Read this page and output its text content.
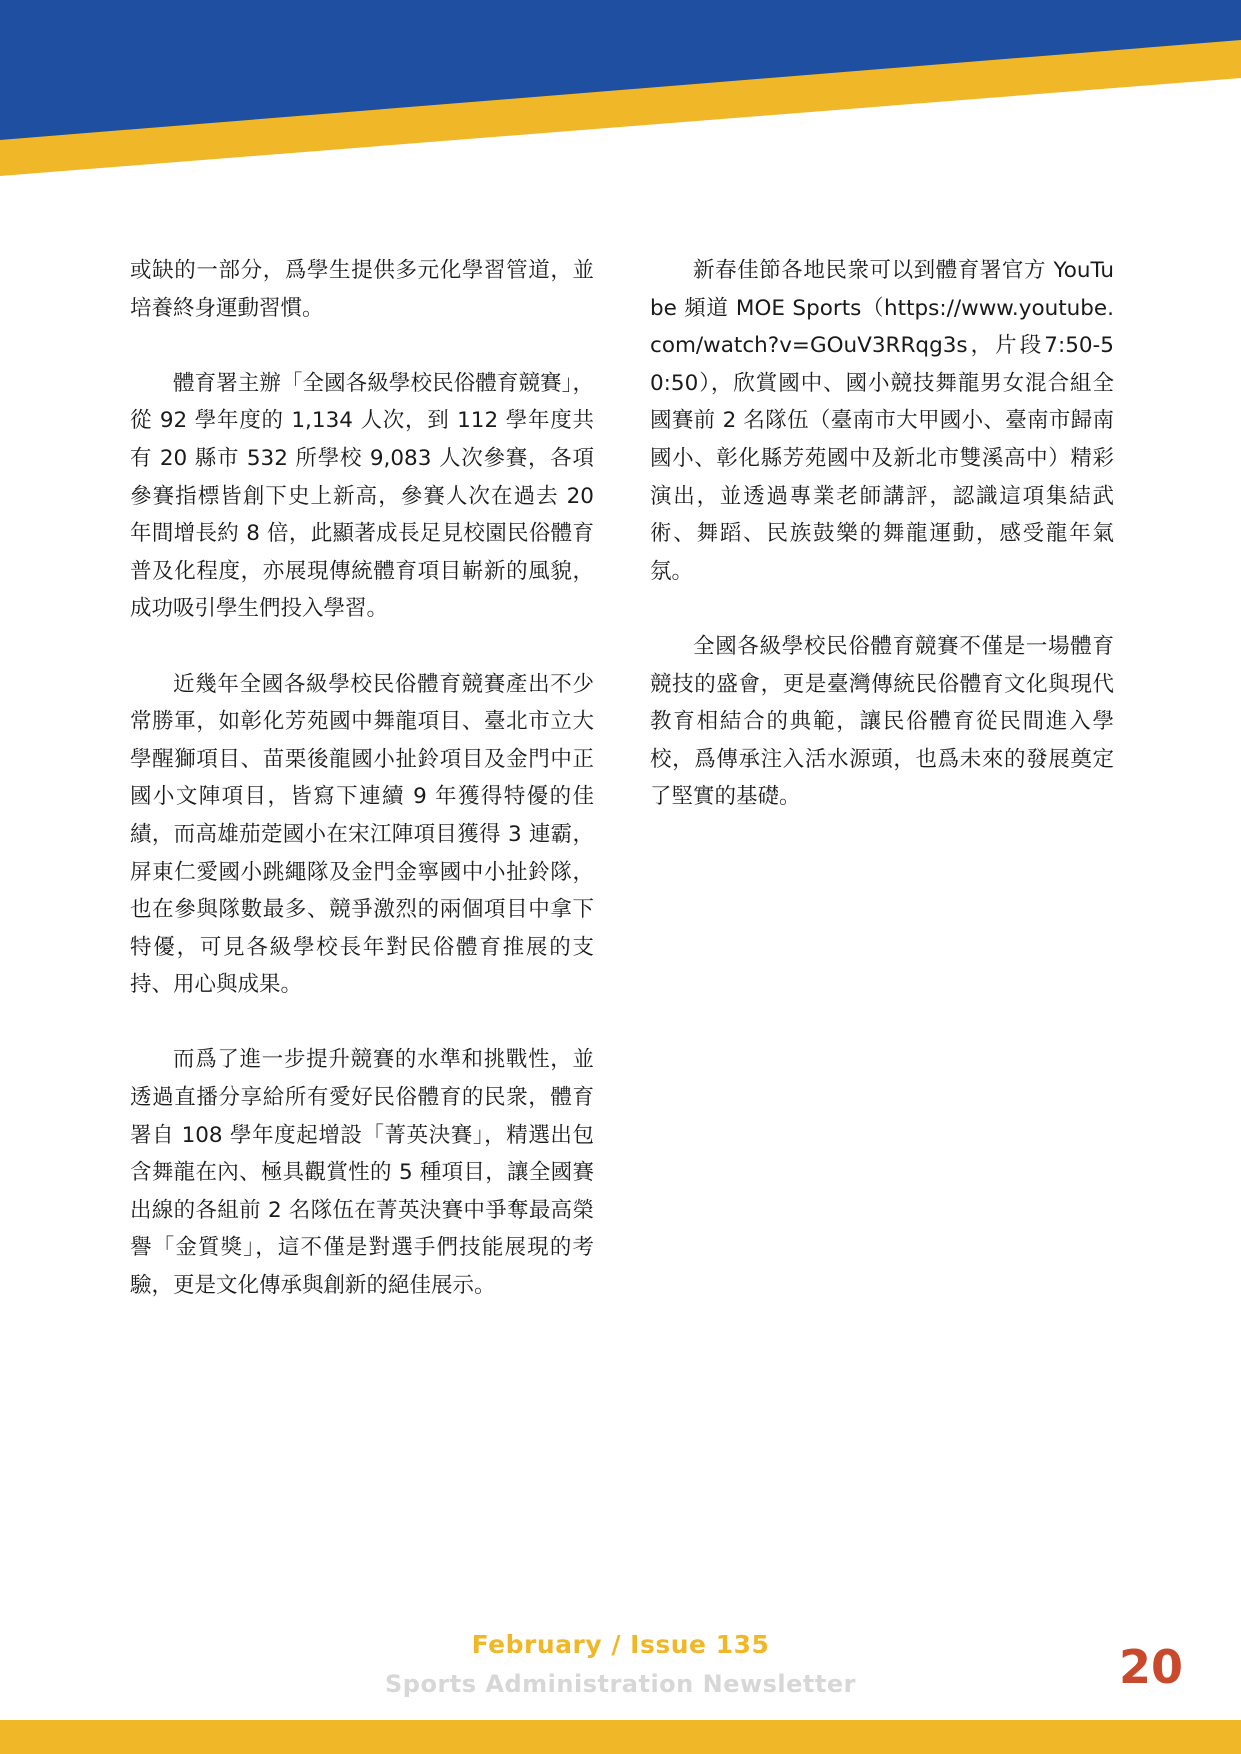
或缺的一部分，爲學生提供多元化學習管道，並培養終身運動習慣。

體育署主辦「全國各級學校民俗體育競賽」，從 92 學年度的 1,134 人次，到 112 學年度共有 20 縣市 532 所學校 9,083 人次參賽，各項參賽指標皆創下史上新高，參賽人次在過去 20 年間增長約 8 倍，此顯著成長足見校園民俗體育普及化程度，亦展現傳統體育項目嶄新的風貌，成功吸引學生們投入學習。

近幾年全國各級學校民俗體育競賽產出不少常勝軍，如彰化芳苑國中舞龍項目、臺北市立大學醒獅項目、苗栗後龍國小扯鈴項目及金門中正國小文陣項目，皆寫下連續 9 年獲得特優的佳績，而高雄茄萣國小在宋江陣項目獲得 3 連霸，屏東仁愛國小跳繩隊及金門金寧國中小扯鈴隊，也在參與隊數最多、競爭激烈的兩個項目中拿下特優，可見各級學校長年對民俗體育推展的支持、用心與成果。

而爲了進一步提升競賽的水準和挑戰性，並透過直播分享給所有愛好民俗體育的民衆，體育署自 108 學年度起增設「菁英決賽」，精選出包含舞龍在內、極具觀賞性的 5 種項目，讓全國賽出線的各組前 2 名隊伍在菁英決賽中爭奪最高榮譽「金質獎」，這不僅是對選手們技能展現的考驗，更是文化傳承與創新的絕佳展示。

新春佳節各地民衆可以到體育署官方 YouTube 頻道 MOE Sports（https://www.youtube.com/watch?v=GOuV3RRqg3s，片段7:50-50:50），欣賞國中、國小競技舞龍男女混合組全國賽前 2 名隊伍（臺南市大甲國小、臺南市歸南國小、彰化縣芳苑國中及新北市雙溪高中）精彩演出，並透過專業老師講評，認識這項集結武術、舞蹈、民族鼓樂的舞龍運動，感受龍年氣氛。

全國各級學校民俗體育競賽不僅是一場體育競技的盛會，更是臺灣傳統民俗體育文化與現代教育相結合的典範，讓民俗體育從民間進入學校，爲傳承注入活水源頭，也爲未來的發展奠定了堅實的基礎。

February / Issue 135
Sports Administration Newsletter	20
